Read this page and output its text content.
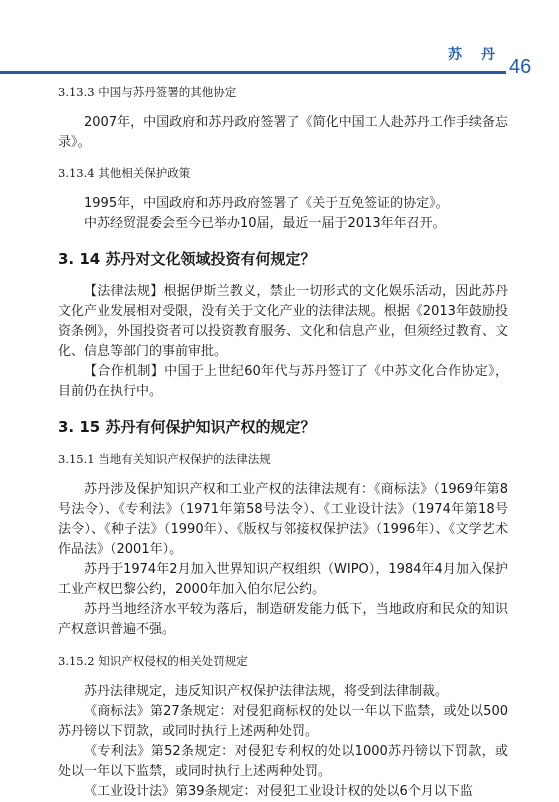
苏 丹
46

3.13.3 中国与苏丹签署的其他协定

2007年，中国政府和苏丹政府签署了《简化中国工人赴苏丹工作手续备忘录》。

3.13.4 其他相关保护政策

1995年，中国政府和苏丹政府签署了《关于互免签证的协定》。

中苏经贸混委会至今已举办10届，最近一届于2013年年召开。

3. 14 苏丹对文化领域投资有何规定？

【法律法规】根据伊斯兰教义，禁止一切形式的文化娱乐活动，因此苏丹文化产业发展相对受限，没有关于文化产业的法律法规。根据《2013年鼓励投资条例》，外国投资者可以投资教育服务、文化和信息产业，但须经过教育、文化、信息等部门的事前审批。

【合作机制】中国于上世纪60年代与苏丹签订了《中苏文化合作协定》，目前仍在执行中。

3. 15 苏丹有何保护知识产权的规定？

3.15.1 当地有关知识产权保护的法律法规

苏丹涉及保护知识产权和工业产权的法律法规有：《商标法》（1969年第8号法令）、《专利法》（1971年第58号法令）、《工业设计法》（1974年第18号法令）、《种子法》（1990年）、《版权与邻接权保护法》（1996年）、《文学艺术作品法》（2001年）。

苏丹于1974年2月加入世界知识产权组织（WIPO），1984年4月加入保护工业产权巴黎公约，2000年加入伯尔尼公约。

苏丹当地经济水平较为落后，制造研发能力低下，当地政府和民众的知识产权意识普遍不强。

3.15.2 知识产权侵权的相关处罚规定

苏丹法律规定，违反知识产权保护法律法规，将受到法律制裁。

《商标法》第27条规定：对侵犯商标权的处以一年以下监禁，或处以500苏丹镑以下罚款，或同时执行上述两种处罚。

《专利法》第52条规定：对侵犯专利权的处以1000苏丹镑以下罚款，或处以一年以下监禁，或同时执行上述两种处罚。

《工业设计法》第39条规定：对侵犯工业设计权的处以6个月以下监
